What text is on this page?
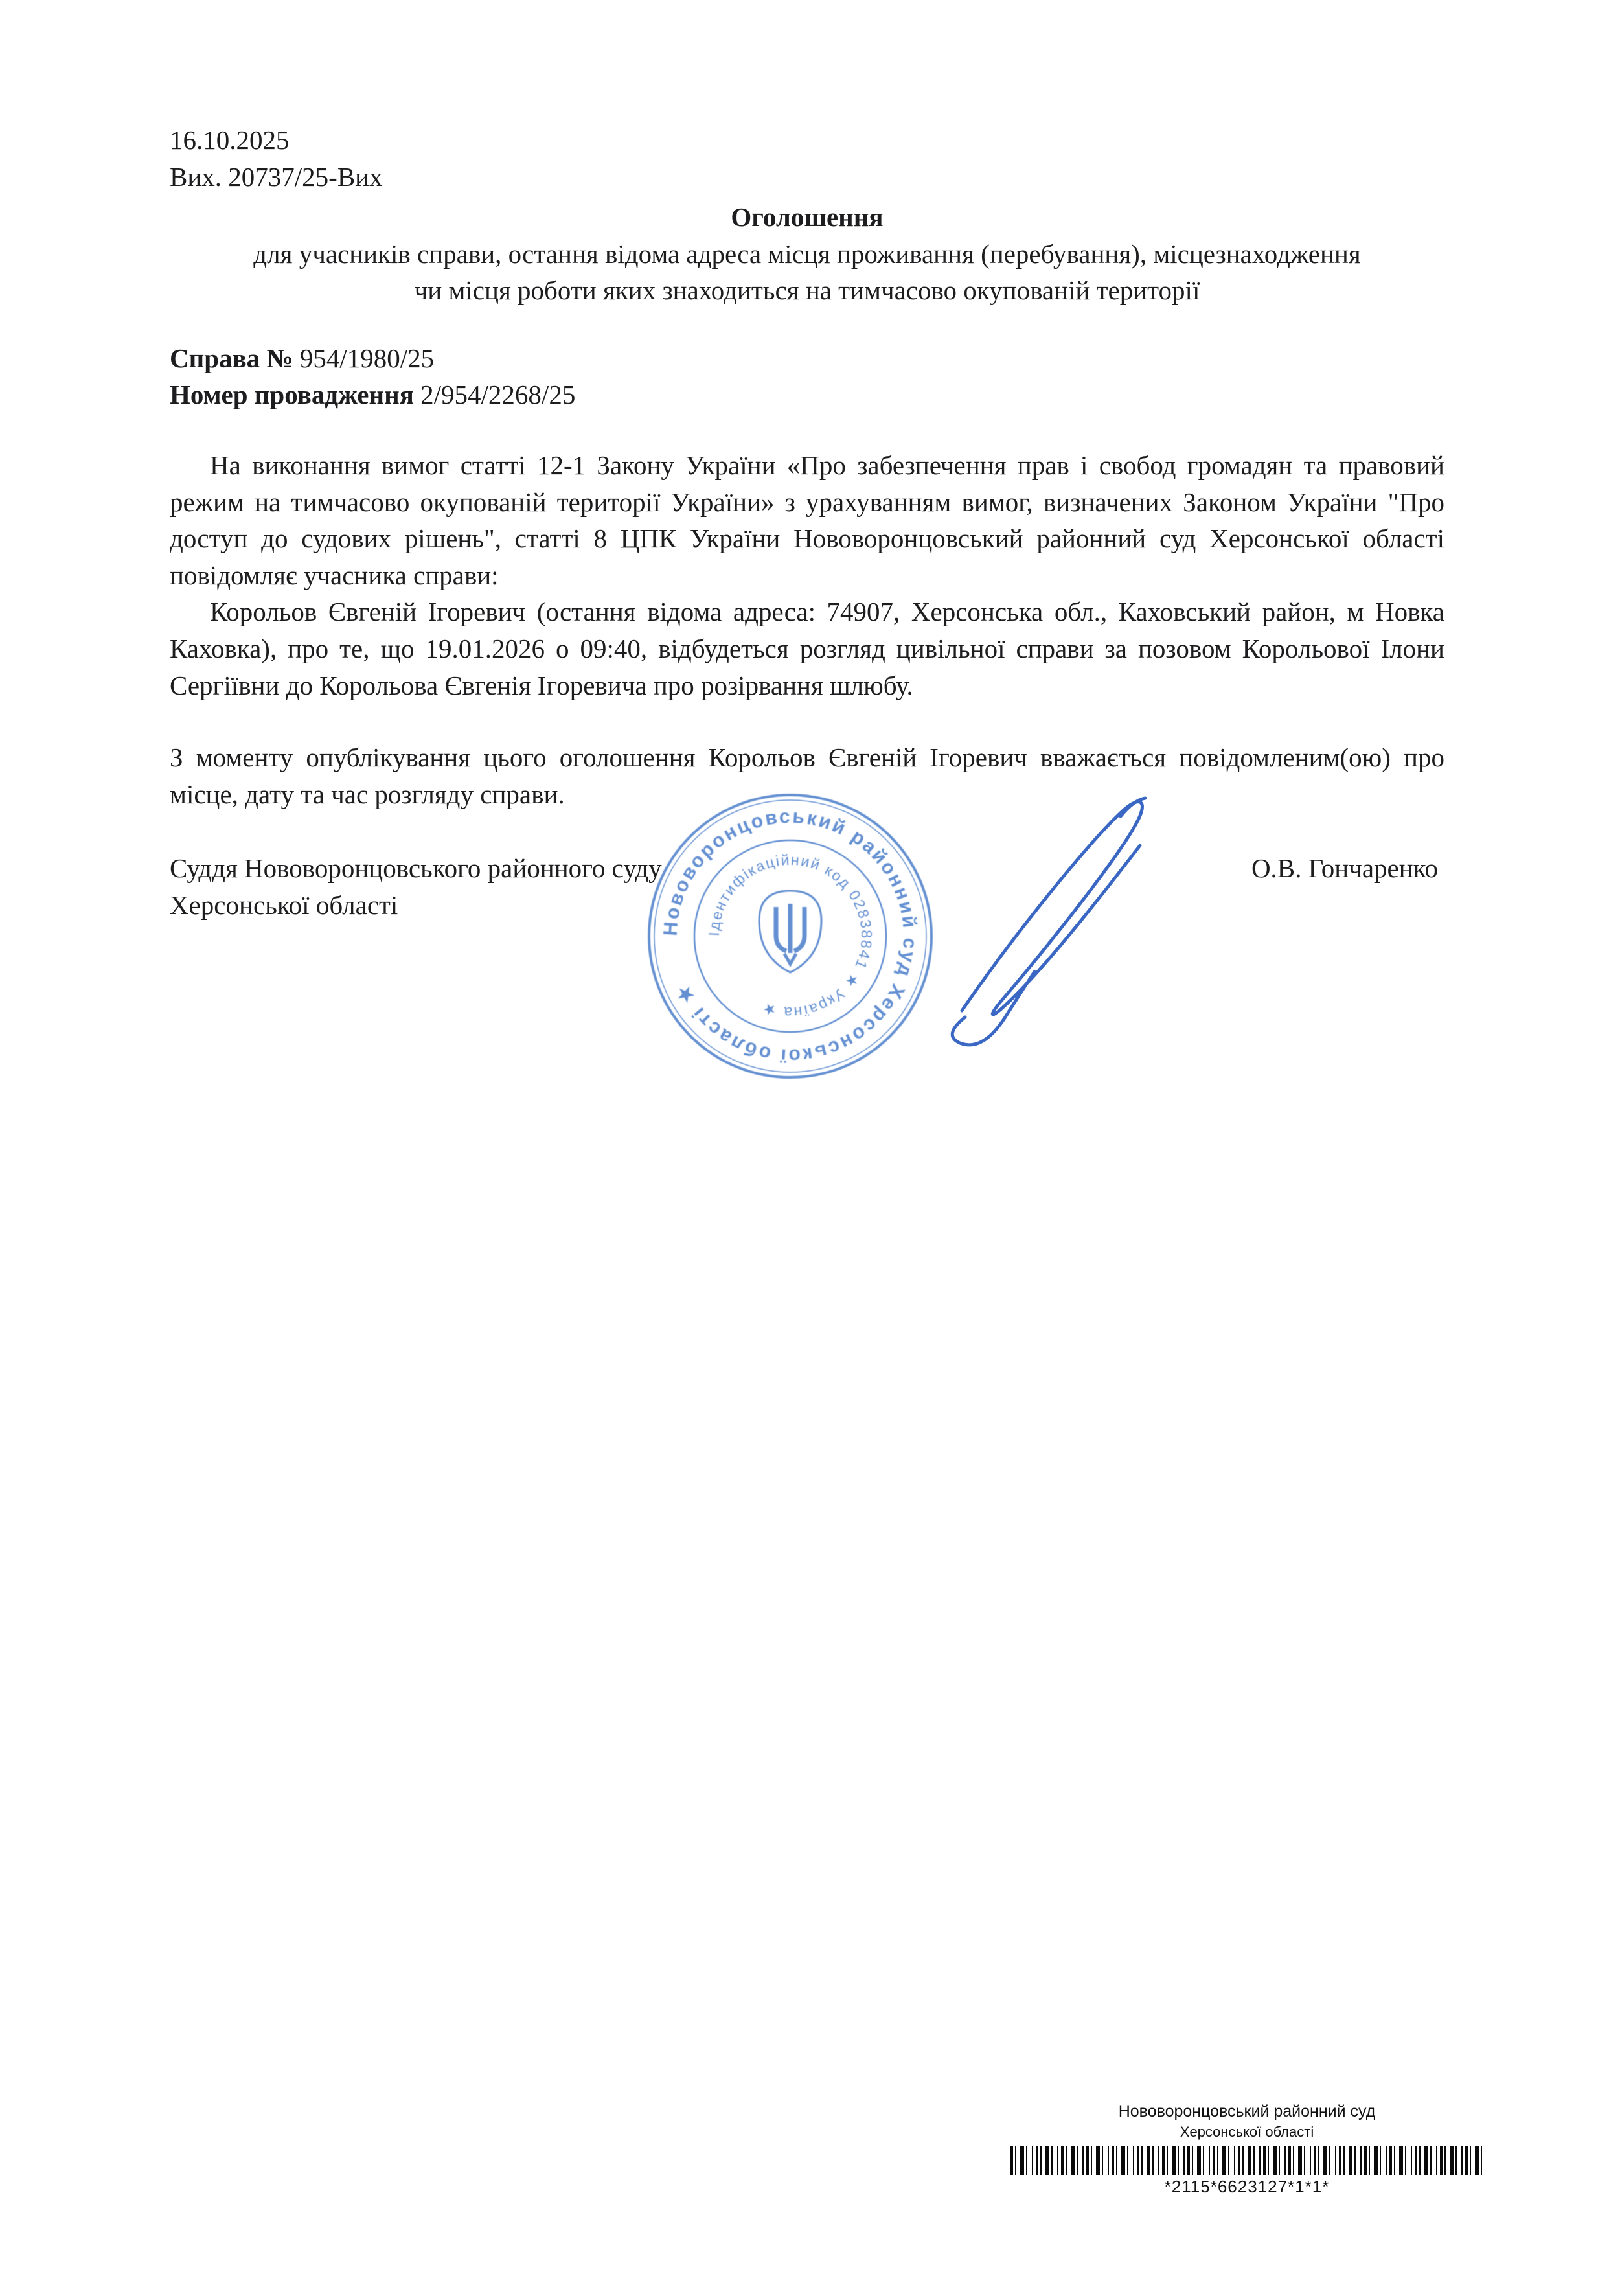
16.10.2025
Вих. 20737/25-Вих
Оголошення
для учасників справи, остання відома адреса місця проживання (перебування), місцезнаходження
чи місця роботи яких знаходиться на тимчасово окупованій території
Справа № 954/1980/25
Номер провадження 2/954/2268/25

На виконання вимог статті 12-1 Закону України «Про забезпечення прав і свобод громадян та правовий режим на тимчасово окупованій території України» з урахуванням вимог, визначених Законом України "Про доступ до судових рішень", статті 8 ЦПК України Нововоронцовський районний суд Херсонської області повідомляє учасника справи:

Корольов Євгеній Ігоревич (остання відома адреса: 74907, Херсонська обл., Каховський район, м Новка Каховка), про те, що 19.01.2026 о 09:40, відбудеться розгляд цивільної справи за позовом Корольової Ілони Сергіївни до Корольова Євгенія Ігоревича про розірвання шлюбу.

З моменту опублікування цього оголошення Корольов Євгеній Ігоревич вважається повідомленим(ою) про місце, дату та час розгляду справи.

Суддя Нововоронцовського районного суду
Херсонської області
О.В. Гончаренко
Нововоронцовський районний суд Херсонської області ★
Ідентифікаційний код 02838841 ★ Україна ★
Нововоронцовський районний суд
Херсонської області
*2115*6623127*1*1*
